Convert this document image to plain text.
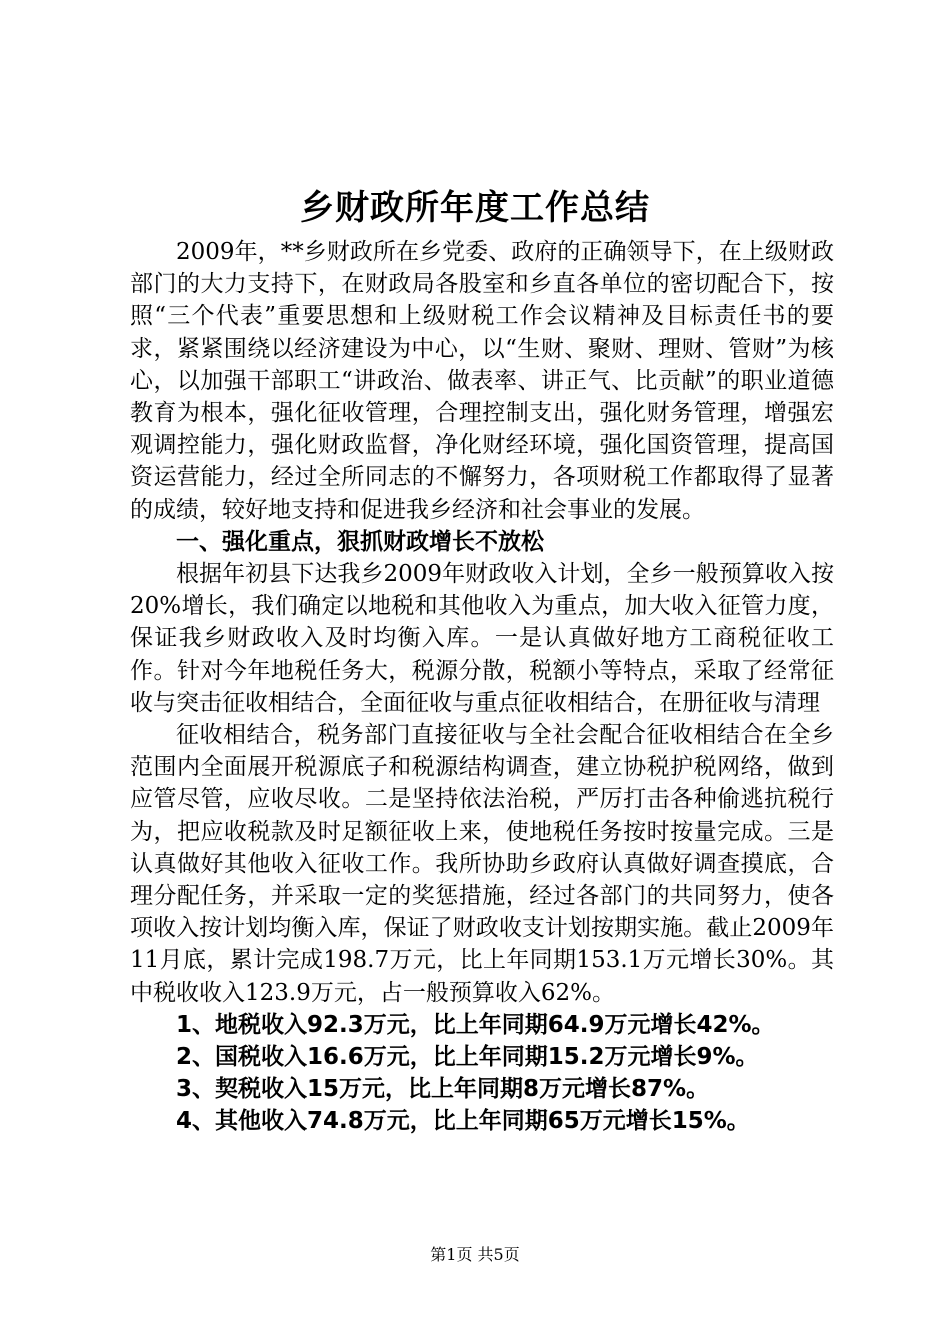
乡财政所年度工作总结

2009年，**乡财政所在乡党委、政府的正确领导下，在上级财政部门的大力支持下，在财政局各股室和乡直各单位的密切配合下，按照“三个代表”重要思想和上级财税工作会议精神及目标责任书的要求，紧紧围绕以经济建设为中心，以“生财、聚财、理财、管财”为核心，以加强干部职工“讲政治、做表率、讲正气、比贡献”的职业道德教育为根本，强化征收管理，合理控制支出，强化财务管理，增强宏观调控能力，强化财政监督，净化财经环境，强化国资管理，提高国资运营能力，经过全所同志的不懈努力，各项财税工作都取得了显著的成绩，较好地支持和促进我乡经济和社会事业的发展。

一、强化重点，狠抓财政增长不放松

根据年初县下达我乡2009年财政收入计划，全乡一般预算收入按20%增长，我们确定以地税和其他收入为重点，加大收入征管力度，保证我乡财政收入及时均衡入库。一是认真做好地方工商税征收工作。针对今年地税任务大，税源分散，税额小等特点，采取了经常征收与突击征收相结合，全面征收与重点征收相结合，在册征收与清理

征收相结合，税务部门直接征收与全社会配合征收相结合在全乡范围内全面展开税源底子和税源结构调查，建立协税护税网络，做到应管尽管，应收尽收。二是坚持依法治税，严厉打击各种偷逃抗税行为，把应收税款及时足额征收上来，使地税任务按时按量完成。三是认真做好其他收入征收工作。我所协助乡政府认真做好调查摸底，合理分配任务，并采取一定的奖惩措施，经过各部门的共同努力，使各项收入按计划均衡入库，保证了财政收支计划按期实施。截止2009年11月底，累计完成198.7万元，比上年同期153.1万元增长30%。其中税收收入123.9万元，占一般预算收入62%。

1、地税收入92.3万元，比上年同期64.9万元增长42%。

2、国税收入16.6万元，比上年同期15.2万元增长9%。

3、契税收入15万元，比上年同期8万元增长87%。

4、其他收入74.8万元，比上年同期65万元增长15%。

第1页 共5页
